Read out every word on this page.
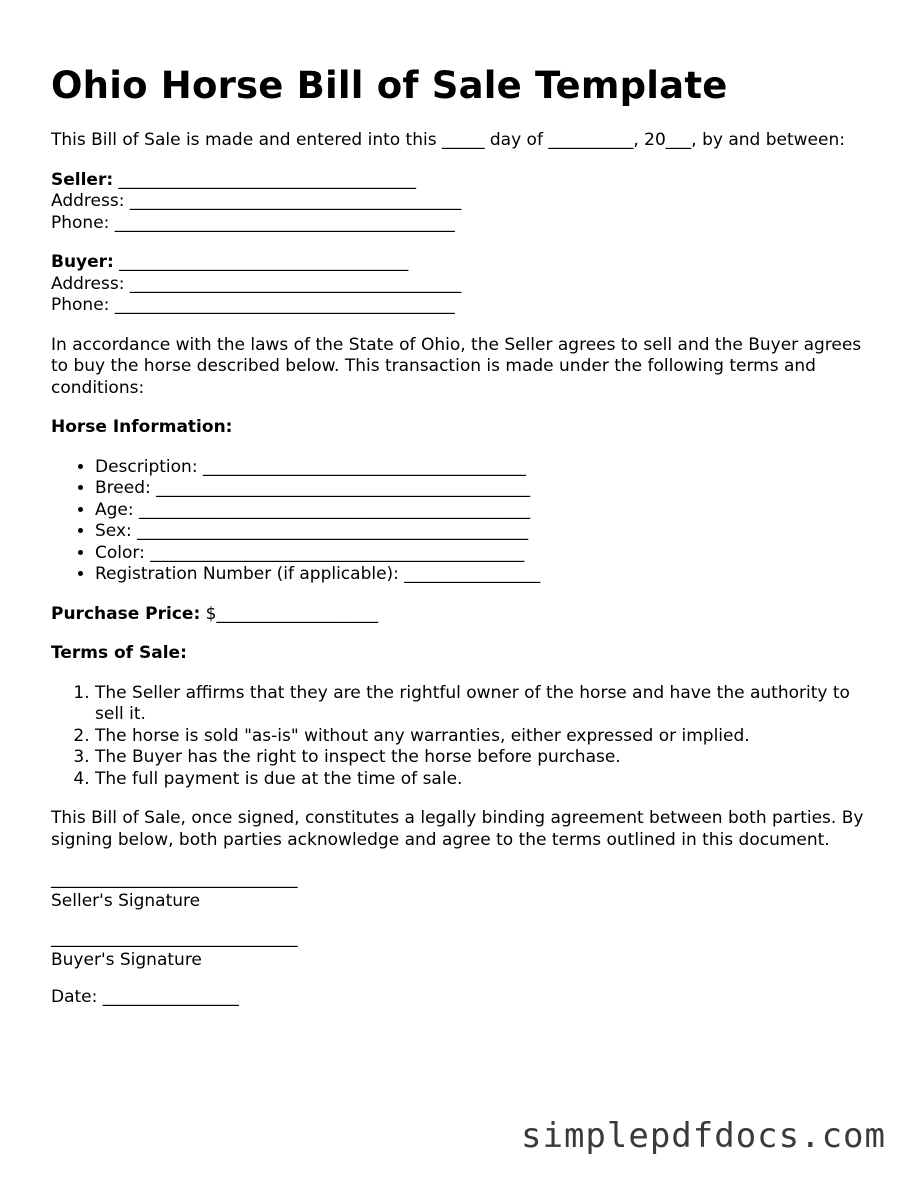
Ohio Horse Bill of Sale Template

This Bill of Sale is made and entered into this _____ day of __________, 20___, by and between:

Seller: ___________________________________
Address: _______________________________________
Phone: ________________________________________
Buyer: __________________________________
Address: _______________________________________
Phone: ________________________________________

In accordance with the laws of the State of Ohio, the Seller agrees to sell and the Buyer agrees to buy the horse described below. This transaction is made under the following terms and conditions:

Horse Information:

• Description: ______________________________________
• Breed: ____________________________________________
• Age: ______________________________________________
• Sex: ______________________________________________
• Color: ____________________________________________
• Registration Number (if applicable): ________________

Purchase Price: $___________________

Terms of Sale:

1. The Seller affirms that they are the rightful owner of the horse and have the authority to sell it.
2. The horse is sold "as-is" without any warranties, either expressed or implied.
3. The Buyer has the right to inspect the horse before purchase.
4. The full payment is due at the time of sale.

This Bill of Sale, once signed, constitutes a legally binding agreement between both parties. By signing below, both parties acknowledge and agree to the terms outlined in this document.

_____________________________
Seller's Signature
_____________________________
Buyer's Signature
Date: ________________
simplepdfdocs.com
